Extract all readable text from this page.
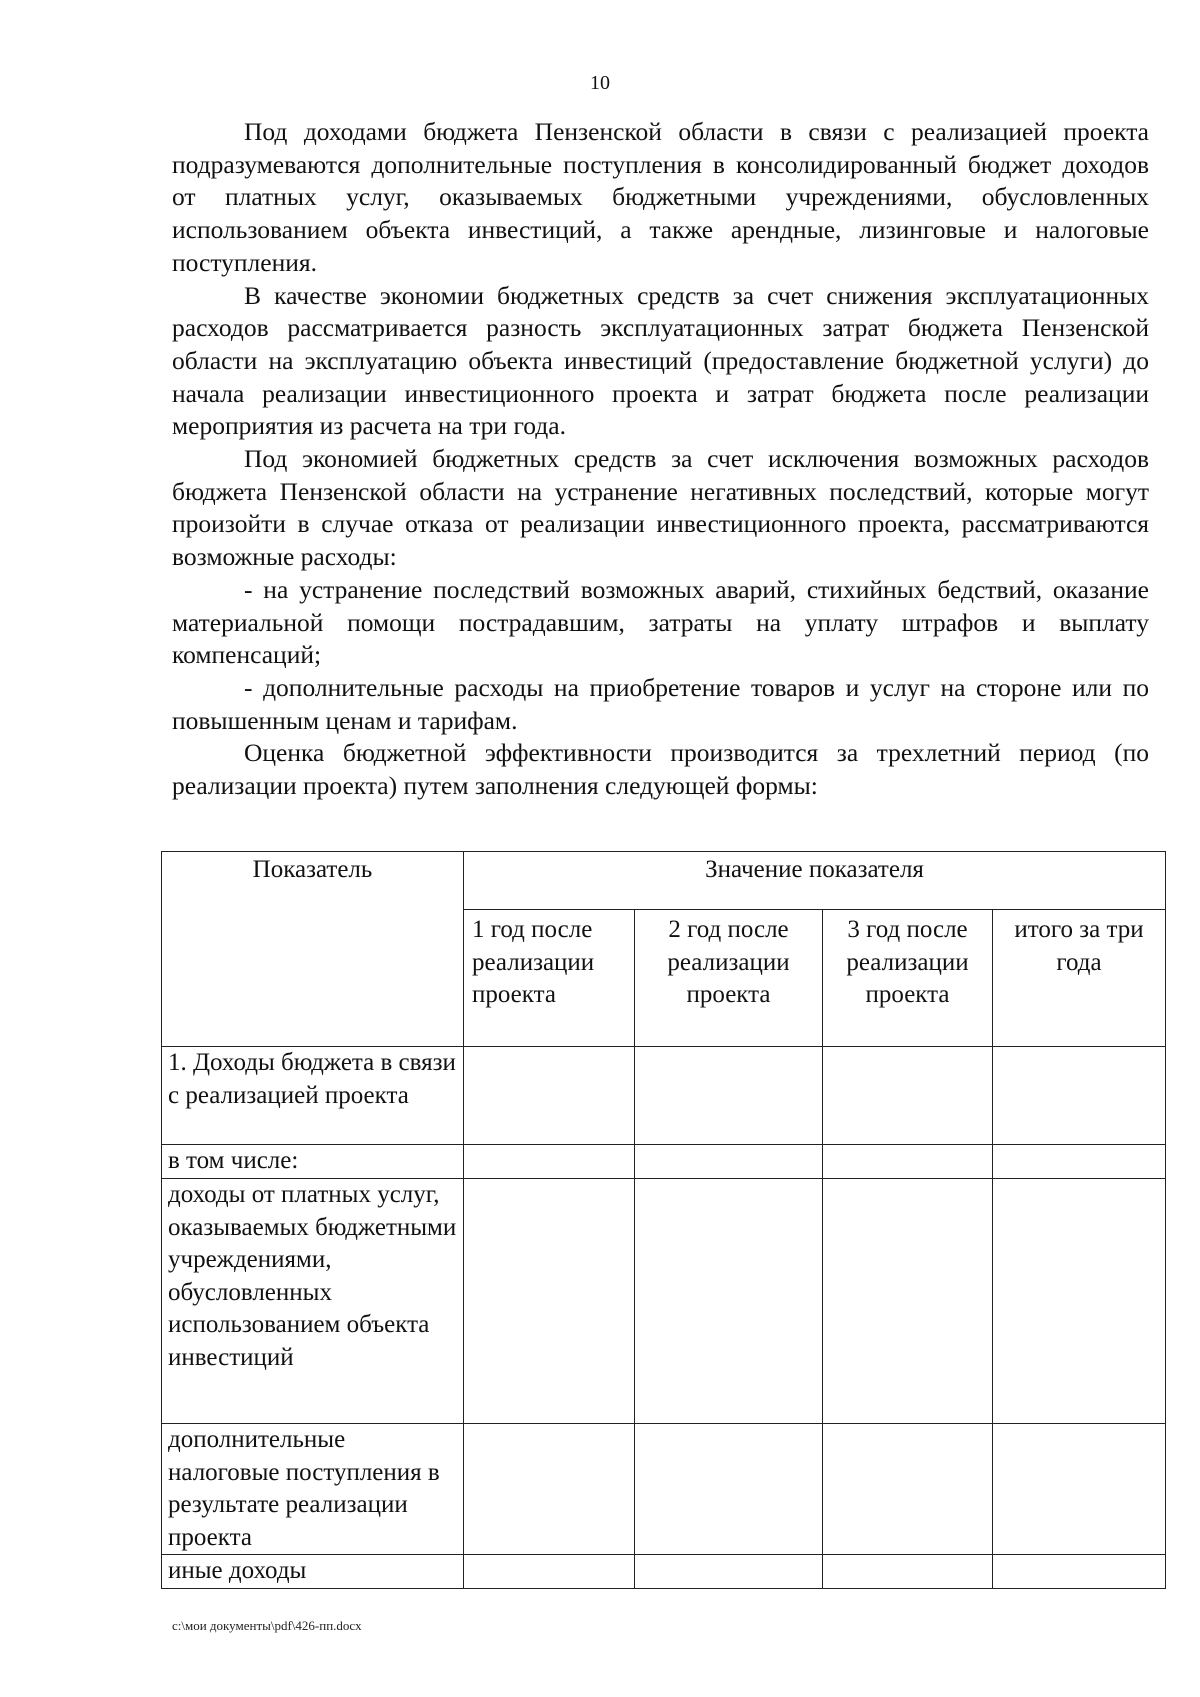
10

Под доходами бюджета Пензенской области в связи с реализацией проекта подразумеваются дополнительные поступления в консолидированный бюджет доходов от платных услуг, оказываемых бюджетными учреждениями, обусловленных использованием объекта инвестиций, а также арендные, лизинговые и налоговые поступления.

В качестве экономии бюджетных средств за счет снижения эксплуатационных расходов рассматривается разность эксплуатационных затрат бюджета Пензенской области на эксплуатацию объекта инвестиций (предоставление бюджетной услуги) до начала реализации инвестиционного проекта и затрат бюджета после реализации мероприятия из расчета на три года.

Под экономией бюджетных средств за счет исключения возможных расходов бюджета Пензенской области на устранение негативных последствий, которые могут произойти в случае отказа от реализации инвестиционного проекта, рассматриваются возможные расходы:

- на устранение последствий возможных аварий, стихийных бедствий, оказание материальной помощи пострадавшим, затраты на уплату штрафов и выплату компенсаций;

- дополнительные расходы на приобретение товаров и услуг на стороне или по повышенным ценам и тарифам.

Оценка бюджетной эффективности производится за трехлетний период (по реализации проекта) путем заполнения следующей формы:

Показатель	Значение показателя			
	1 год после реализации проекта	2 год после реализации проекта	3 год после реализации проекта	итого за три года
1. Доходы бюджета в связи с реализацией проекта				
в том числе:				
доходы от платных услуг, оказываемых бюджетными учреждениями, обусловленных использованием объекта инвестиций				
дополнительные налоговые поступления в результате реализации проекта				
иные доходы				
c:\мои документы\pdf\426-пп.docx
